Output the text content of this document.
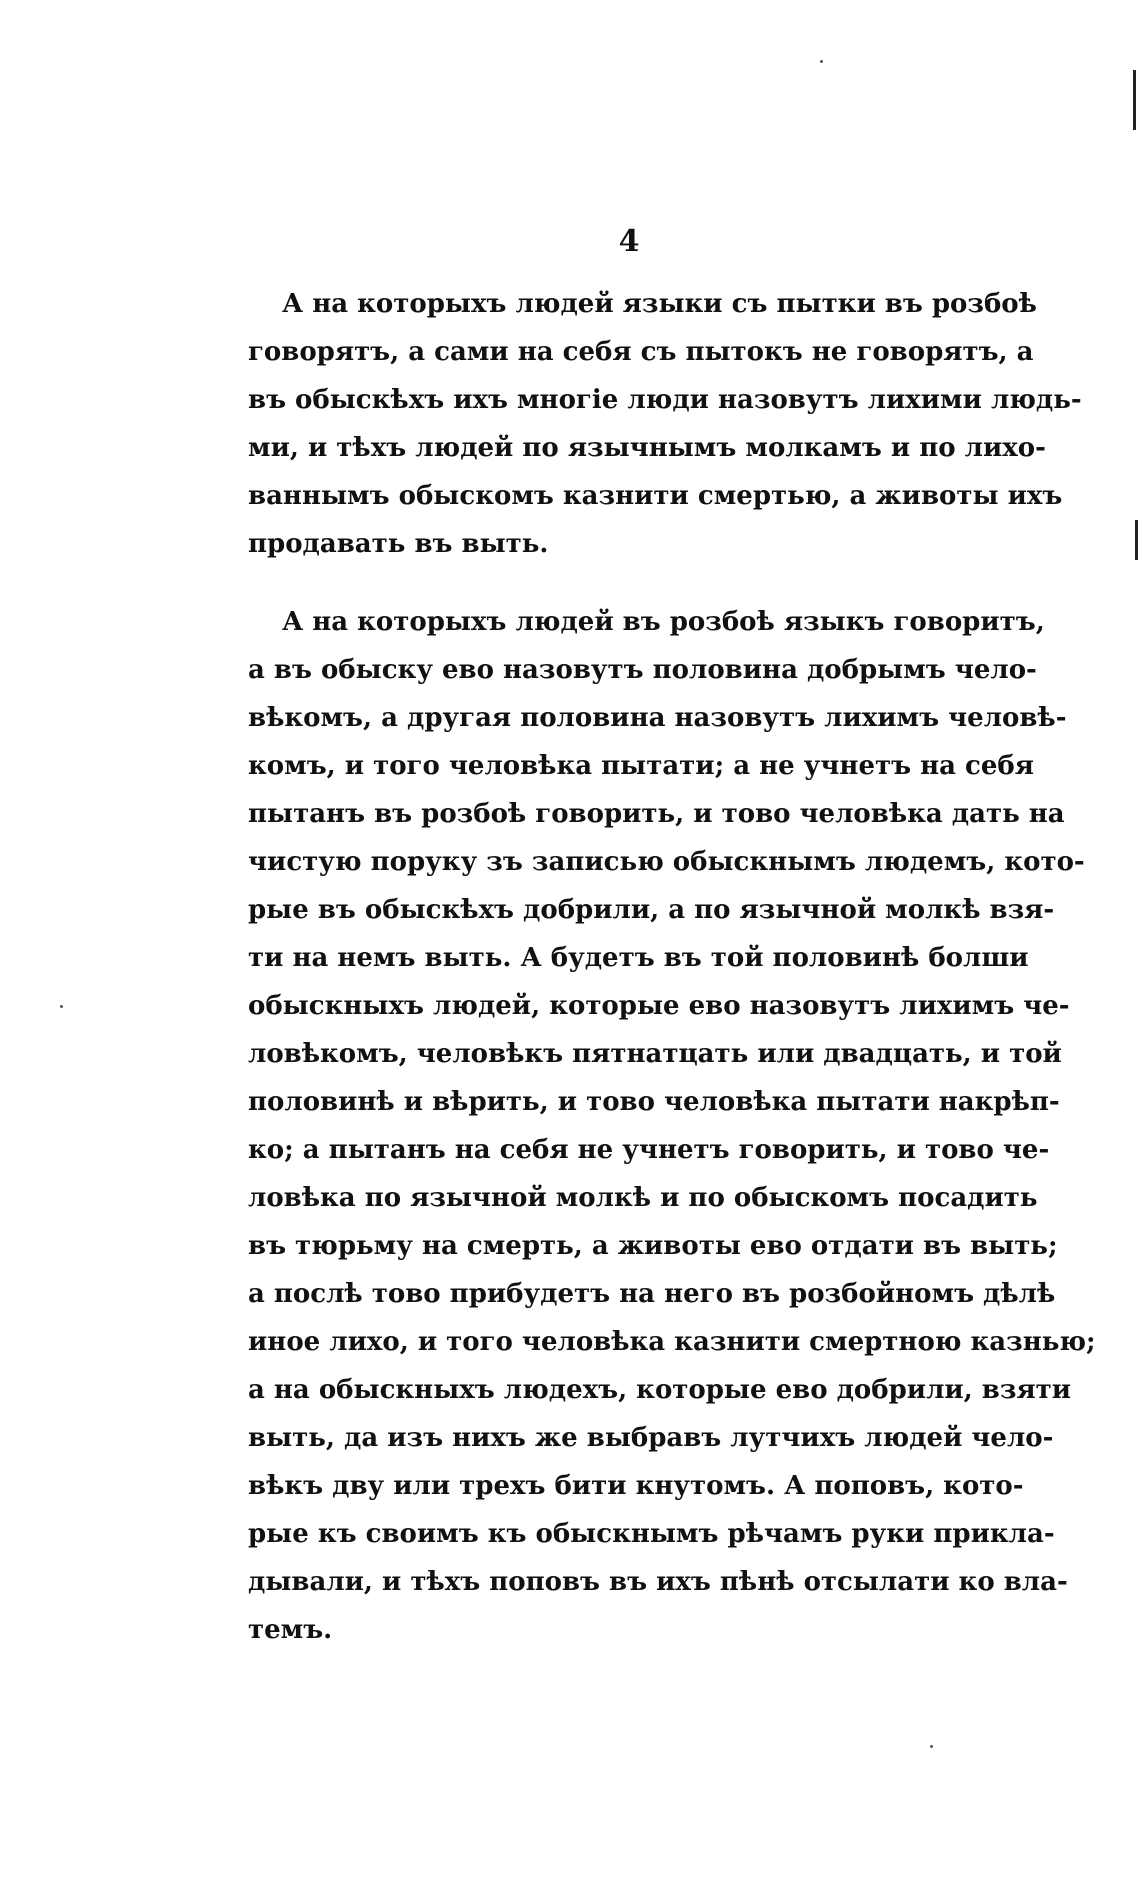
4
А на которыхъ людей языки съ пытки въ розбоѣ
говорятъ, а сами на себя съ пытокъ не говорятъ, а
въ обыскѣхъ ихъ многіе люди назовутъ лихими людь-
ми, и тѣхъ людей по язычнымъ молкамъ и по лихо-
ваннымъ обыскомъ казнити смертью, а животы ихъ
продавать въ выть.
А на которыхъ людей въ розбоѣ языкъ говоритъ,
а въ обыску ево назовутъ половина добрымъ чело-
вѣкомъ, а другая половина назовутъ лихимъ человѣ-
комъ, и того человѣка пытати; а не учнетъ на себя
пытанъ въ розбоѣ говорить, и тово человѣка дать на
чистую поруку зъ записью обыскнымъ людемъ, кото-
рые въ обыскѣхъ добрили, а по язычной молкѣ взя-
ти на немъ выть. А будетъ въ той половинѣ болши
обыскныхъ людей, которые ево назовутъ лихимъ че-
ловѣкомъ, человѣкъ пятнатцать или двадцать, и той
половинѣ и вѣрить, и тово человѣка пытати накрѣп-
ко; а пытанъ на себя не учнетъ говорить, и тово че-
ловѣка по язычной молкѣ и по обыскомъ посадить
въ тюрьму на смерть, а животы ево отдати въ выть;
а послѣ тово прибудетъ на него въ розбойномъ дѣлѣ
иное лихо, и того человѣка казнити смертною казнью;
а на обыскныхъ людехъ, которые ево добрили, взяти
выть, да изъ нихъ же выбравъ лутчихъ людей чело-
вѣкъ дву или трехъ бити кнутомъ. А поповъ, кото-
рые къ своимъ къ обыскнымъ рѣчамъ руки прикла-
дывали, и тѣхъ поповъ въ ихъ пѣнѣ отсылати ко вла-
темъ.
